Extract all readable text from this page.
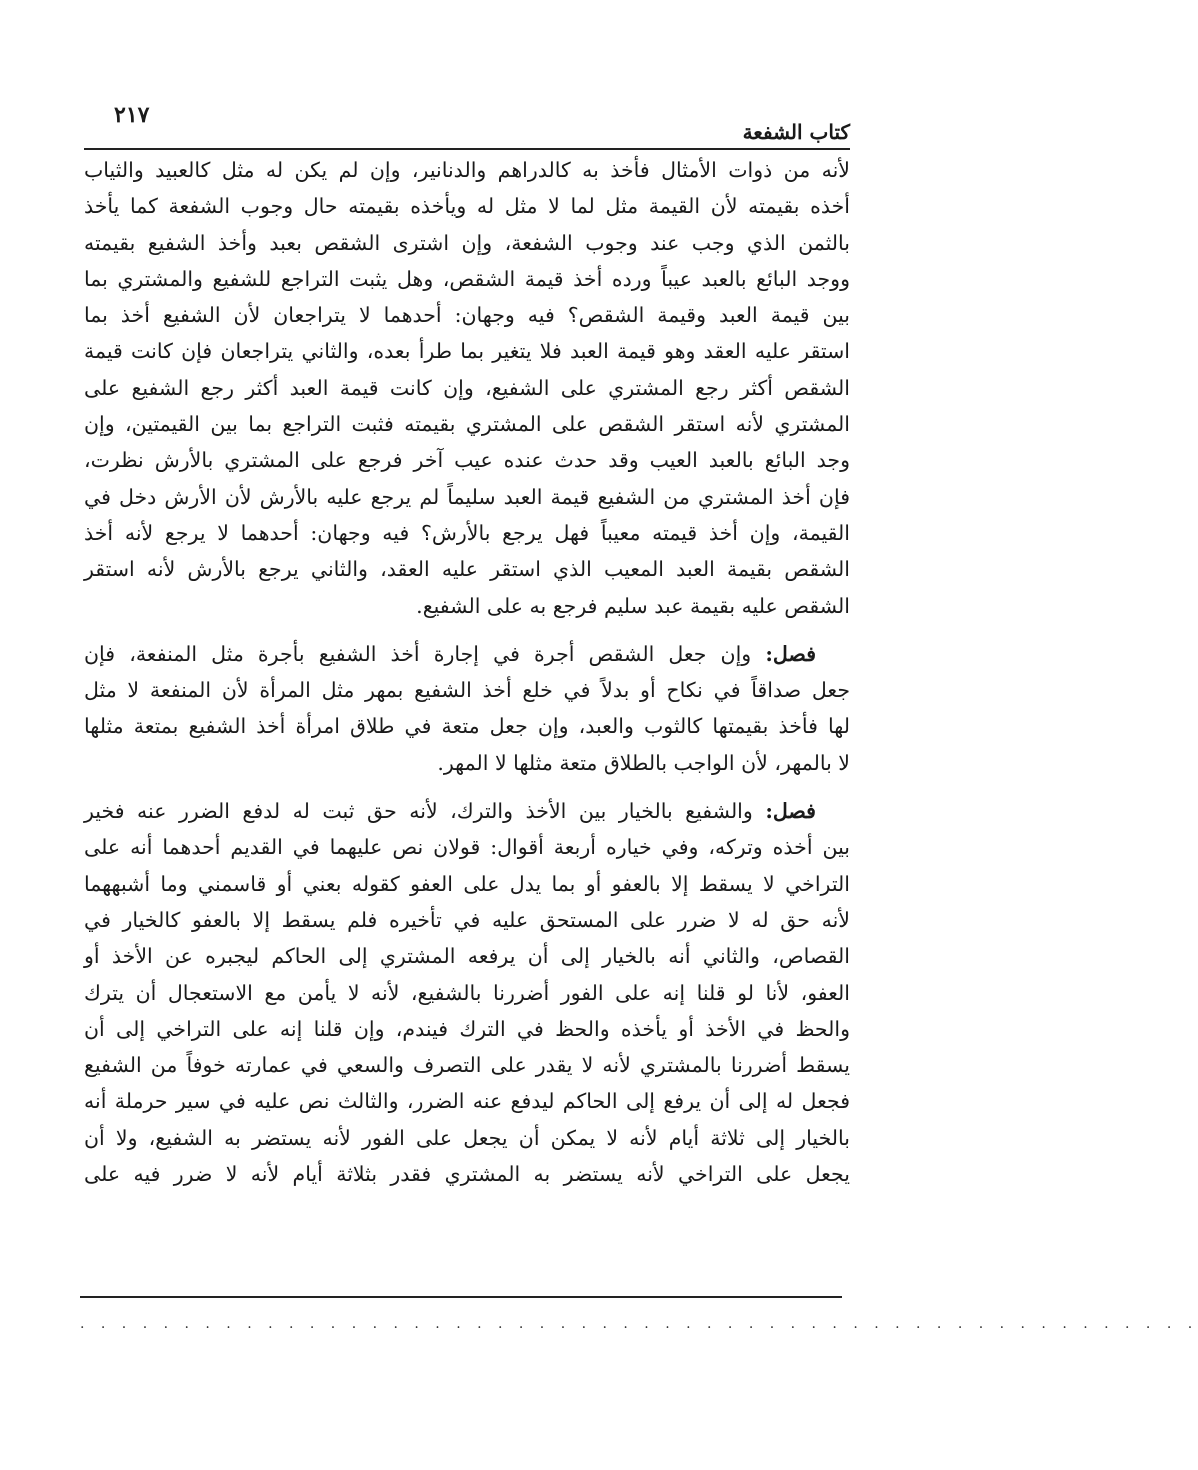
٢١٧
كتاب الشفعة
لأنه من ذوات الأمثال فأخذ به كالدراهم والدنانير، وإن لم يكن له مثل كالعبيد والثياب
أخذه بقيمته لأن القيمة مثل لما لا مثل له ويأخذه بقيمته حال وجوب الشفعة كما يأخذ
بالثمن الذي وجب عند وجوب الشفعة، وإن اشترى الشقص بعبد وأخذ الشفيع بقيمته
ووجد البائع بالعبد عيباً ورده أخذ قيمة الشقص، وهل يثبت التراجع للشفيع والمشتري بما
بين قيمة العبد وقيمة الشقص؟ فيه وجهان: أحدهما لا يتراجعان لأن الشفيع أخذ بما
استقر عليه العقد وهو قيمة العبد فلا يتغير بما طرأ بعده، والثاني يتراجعان فإن كانت قيمة
الشقص أكثر رجع المشتري على الشفيع، وإن كانت قيمة العبد أكثر رجع الشفيع على
المشتري لأنه استقر الشقص على المشتري بقيمته فثبت التراجع بما بين القيمتين، وإن
وجد البائع بالعبد العيب وقد حدث عنده عيب آخر فرجع على المشتري بالأرش نظرت،
فإن أخذ المشتري من الشفيع قيمة العبد سليماً لم يرجع عليه بالأرش لأن الأرش دخل في
القيمة، وإن أخذ قيمته معيباً فهل يرجع بالأرش؟ فيه وجهان: أحدهما لا يرجع لأنه أخذ
الشقص بقيمة العبد المعيب الذي استقر عليه العقد، والثاني يرجع بالأرش لأنه استقر
الشقص عليه بقيمة عبد سليم فرجع به على الشفيع.
فصل: وإن جعل الشقص أجرة في إجارة أخذ الشفيع بأجرة مثل المنفعة، فإن
جعل صداقاً في نكاح أو بدلاً في خلع أخذ الشفيع بمهر مثل المرأة لأن المنفعة لا مثل
لها فأخذ بقيمتها كالثوب والعبد، وإن جعل متعة في طلاق امرأة أخذ الشفيع بمتعة مثلها
لا بالمهر، لأن الواجب بالطلاق متعة مثلها لا المهر.
فصل: والشفيع بالخيار بين الأخذ والترك، لأنه حق ثبت له لدفع الضرر عنه فخير
بين أخذه وتركه، وفي خياره أربعة أقوال: قولان نص عليهما في القديم أحدهما أنه على
التراخي لا يسقط إلا بالعفو أو بما يدل على العفو كقوله بعني أو قاسمني وما أشبههما
لأنه حق له لا ضرر على المستحق عليه في تأخيره فلم يسقط إلا بالعفو كالخيار في
القصاص، والثاني أنه بالخيار إلى أن يرفعه المشتري إلى الحاكم ليجبره عن الأخذ أو
العفو، لأنا لو قلنا إنه على الفور أضررنا بالشفيع، لأنه لا يأمن مع الاستعجال أن يترك
والحظ في الأخذ أو يأخذه والحظ في الترك فيندم، وإن قلنا إنه على التراخي إلى أن
يسقط أضررنا بالمشتري لأنه لا يقدر على التصرف والسعي في عمارته خوفاً من الشفيع
فجعل له إلى أن يرفع إلى الحاكم ليدفع عنه الضرر، والثالث نص عليه في سير حرملة أنه
بالخيار إلى ثلاثة أيام لأنه لا يمكن أن يجعل على الفور لأنه يستضر به الشفيع، ولا أن
يجعل على التراخي لأنه يستضر به المشتري فقدر بثلاثة أيام لأنه لا ضرر فيه على
. . . . . . . . . . . . . . . . . . . . . . . . . . . . . . . . . . . . . . . . . . . . . . . . . . . . . .
